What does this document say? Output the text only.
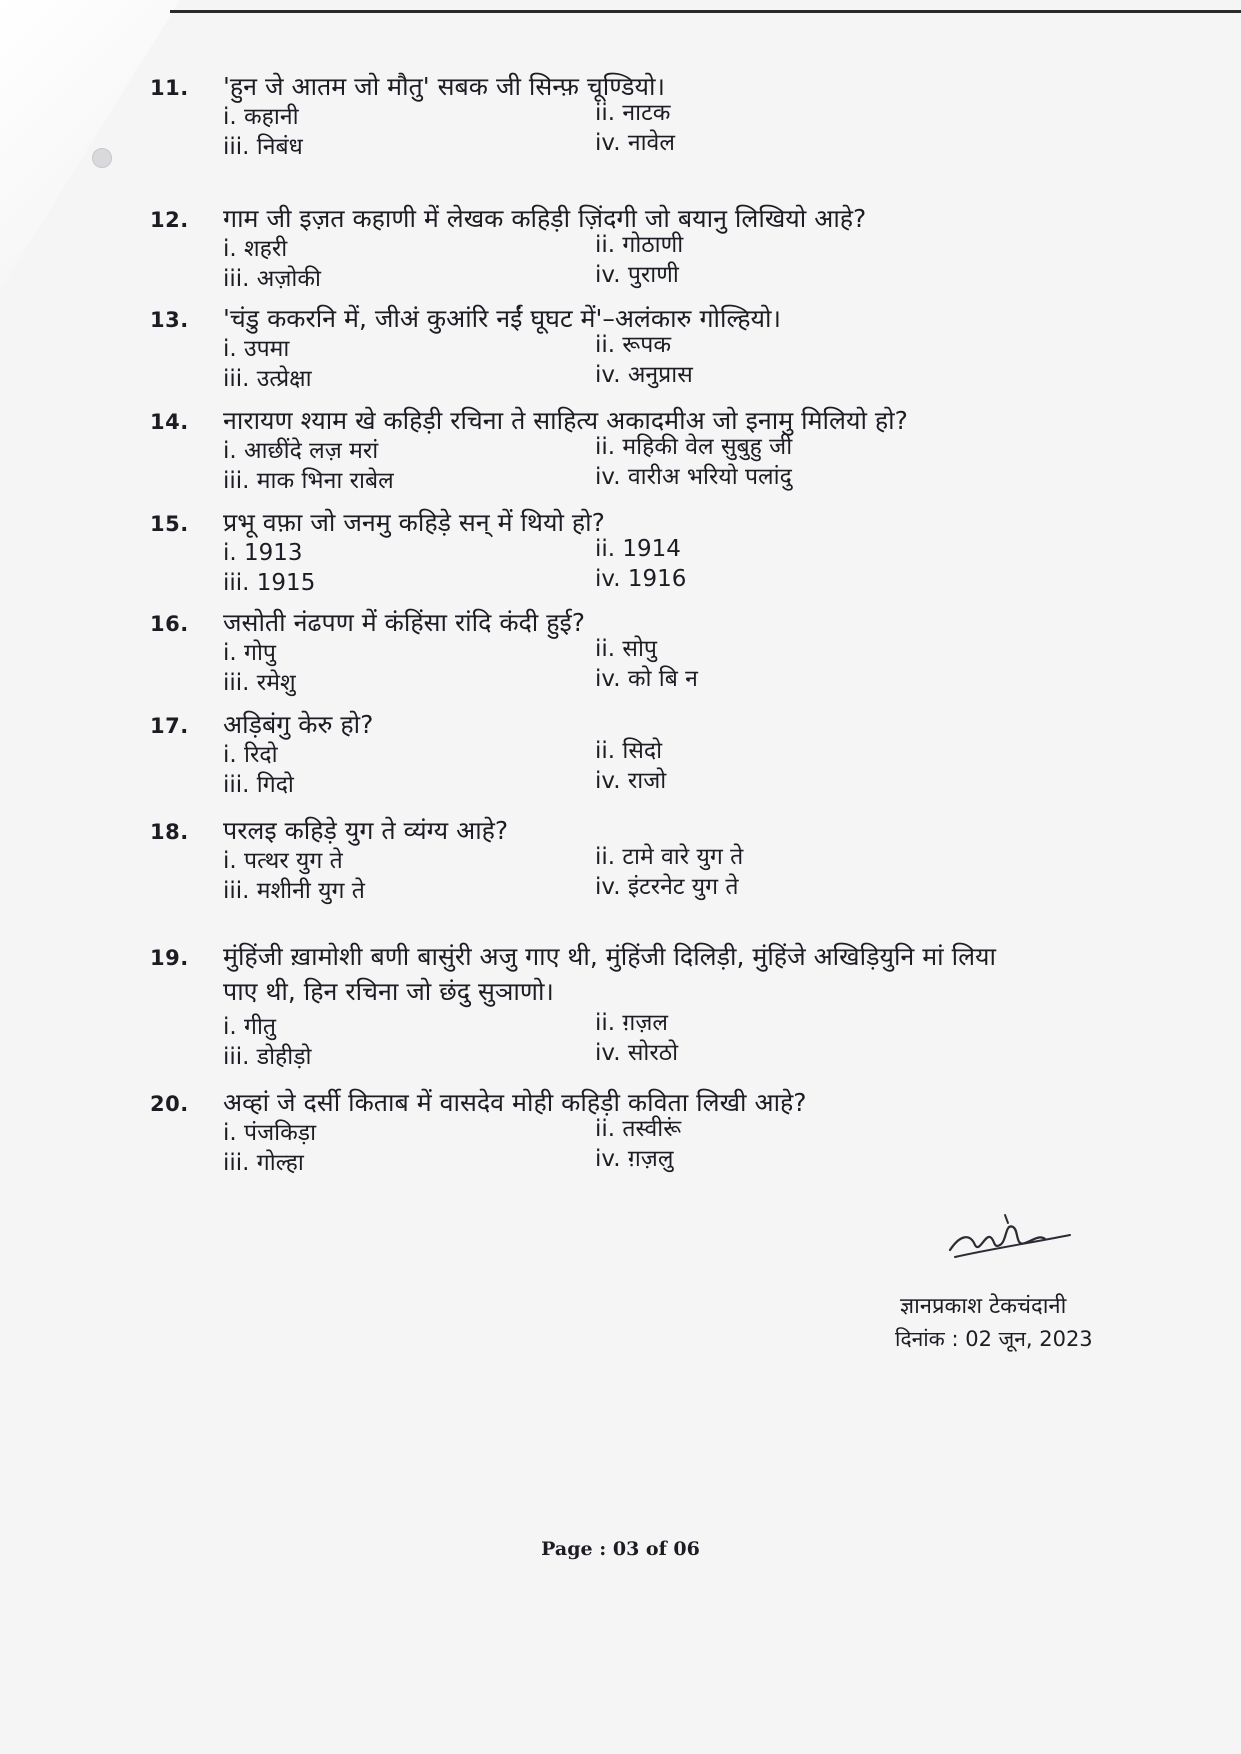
11. 'हुन जे आतम जो मौतु' सबक जी सिन्फ़ चूण्डियो।
i. कहानी	ii. नाटक
iii. निबंध	iv. नावेल
12. गाम जी इज़त कहाणी में लेखक कहिड़ी ज़िंदगी जो बयानु लिखियो आहे?
i. शहरी	ii. गोठाणी
iii. अज़ोकी	iv. पुराणी
13. 'चंडु ककरनि में, जीअं कुआंरि नईं घूघट में'–अलंकारु गोल्हियो।
i. उपमा	ii. रूपक
iii. उत्प्रेक्षा	iv. अनुप्रास
14. नारायण श्याम खे कहिड़ी रचिना ते साहित्य अकादमीअ जो इनामु मिलियो हो?
i. आछींदे लज़ मरां	ii. महिकी वेल सुबुहु जी
iii. माक भिना राबेल	iv. वारीअ भरियो पलांदु
15. प्रभू वफ़ा जो जनमु कहिड़े सन् में थियो हो?
i. 1913	ii. 1914
iii. 1915	iv. 1916
16. जसोती नंढपण में कंहिंसा रांदि कंदी हुई?
i. गोपु	ii. सोपु
iii. रमेशु	iv. को बि न
17. अड़िबंगु केरु हो?
i. रिदो	ii. सिदो
iii. गिदो	iv. राजो
18. परलइ कहिड़े युग ते व्यंग्य आहे?
i. पत्थर युग ते	ii. टामे वारे युग ते
iii. मशीनी युग ते	iv. इंटरनेट युग ते
19. मुंहिंजी ख़ामोशी बणी बासुंरी अजु गाए थी, मुंहिंजी दिलिड़ी, मुंहिंजे अखिड़ियुनि मां लिया
पाए थी, हिन रचिना जो छंदु सुञाणो।
i. गीतु	ii. ग़ज़ल
iii. डोहीड़ो	iv. सोरठो
20. अव्हां जे दर्सी किताब में वासदेव मोही कहिड़ी कविता लिखी आहे?
i. पंजकिड़ा	ii. तस्वीरूं
iii. गोल्हा	iv. ग़ज़लु
ज्ञानप्रकाश टेकचंदानी
दिनांक : 02 जून, 2023
Page : 03 of 06
